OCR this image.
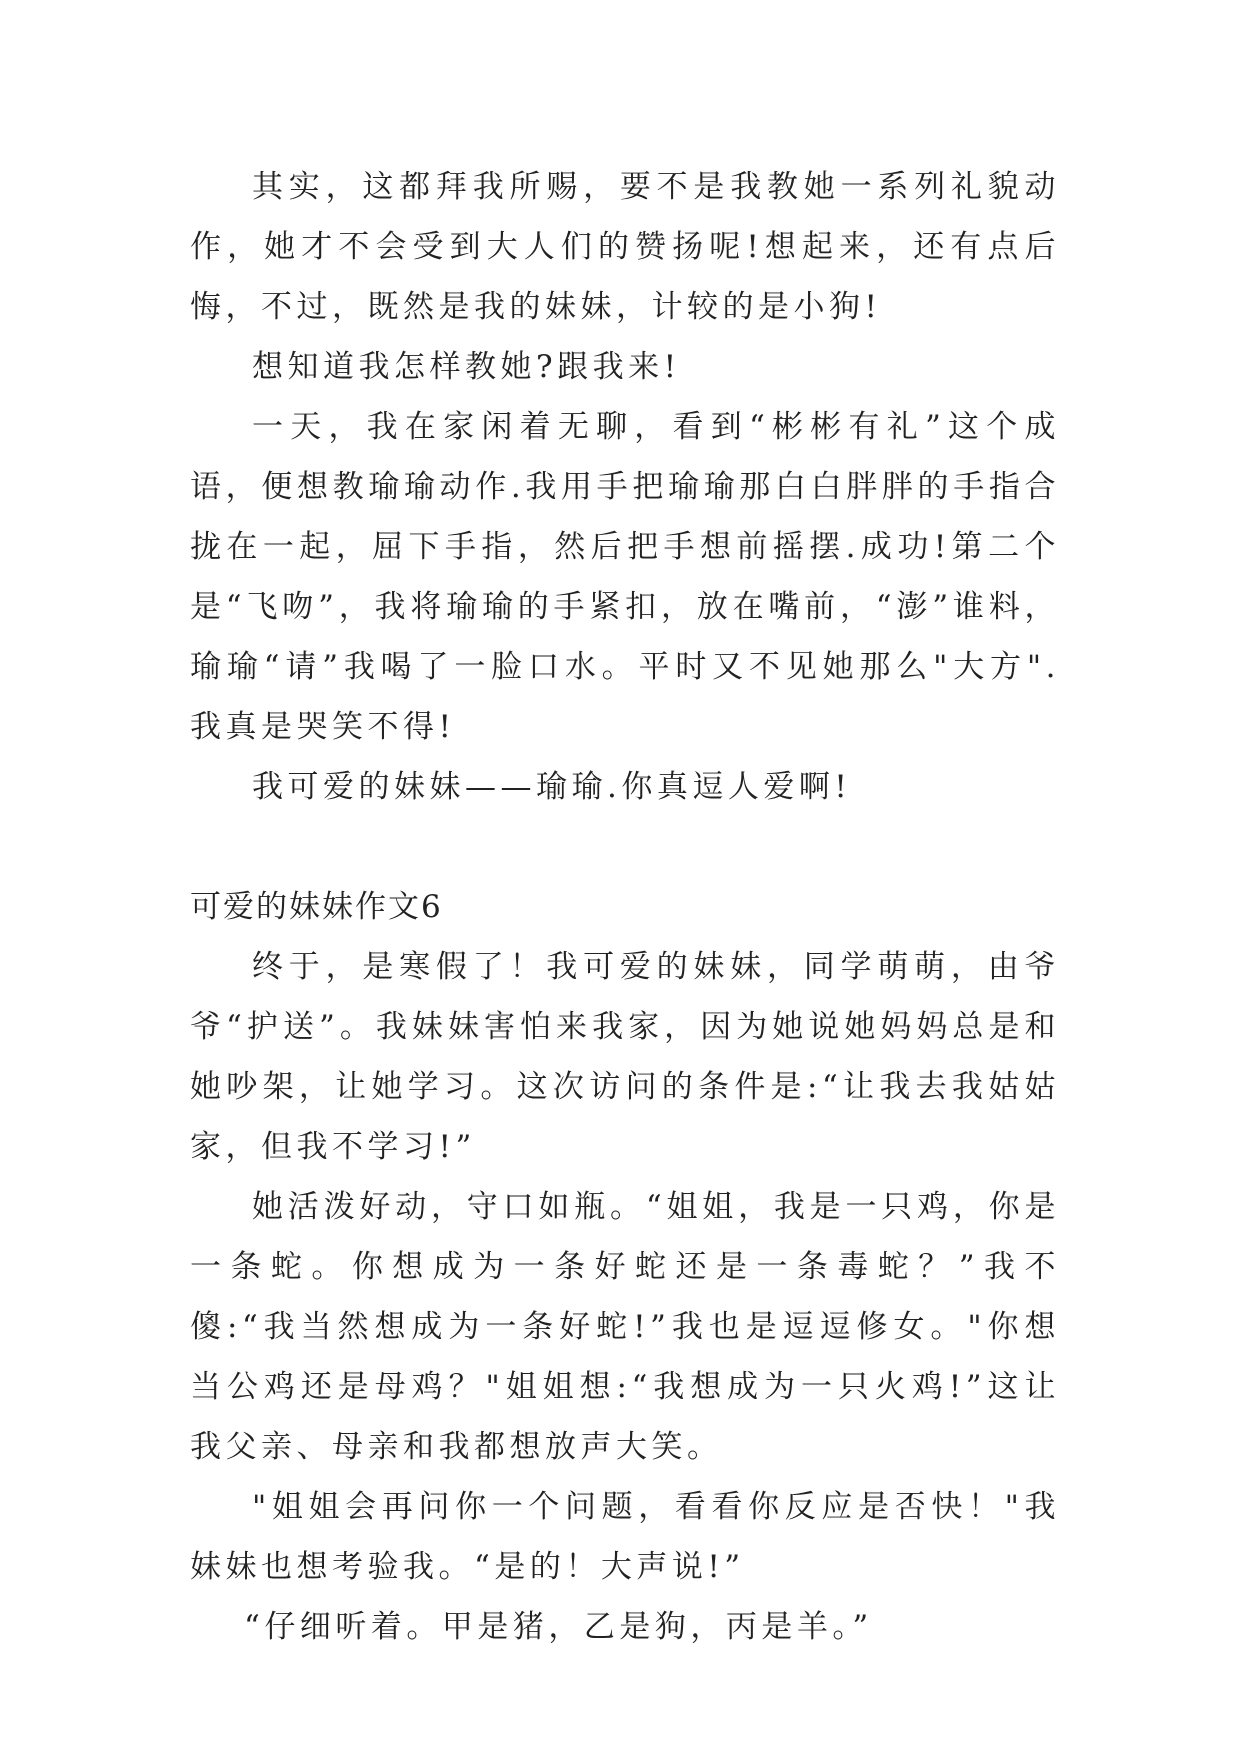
其实，这都拜我所赐，要不是我教她一系列礼貌动作，她才不会受到大人们的赞扬呢!想起来，还有点后悔，不过，既然是我的妹妹，计较的是小狗!

想知道我怎样教她?跟我来!

一天，我在家闲着无聊，看到“彬彬有礼”这个成语，便想教瑜瑜动作.我用手把瑜瑜那白白胖胖的手指合拢在一起，屈下手指，然后把手想前摇摆.成功!第二个是“飞吻”，我将瑜瑜的手紧扣，放在嘴前，“澎”谁料，瑜瑜“请”我喝了一脸口水。平时又不见她那么"大方".我真是哭笑不得!

我可爱的妹妹——瑜瑜.你真逗人爱啊!

可爱的妹妹作文6

终于，是寒假了！我可爱的妹妹，同学萌萌，由爷爷“护送”。我妹妹害怕来我家，因为她说她妈妈总是和她吵架，让她学习。这次访问的条件是:“让我去我姑姑家，但我不学习!”

她活泼好动，守口如瓶。“姐姐，我是一只鸡，你是一条蛇。你想成为一条好蛇还是一条毒蛇？”我不傻:“我当然想成为一条好蛇!”我也是逗逗修女。"你想当公鸡还是母鸡？"姐姐想:“我想成为一只火鸡!”这让我父亲、母亲和我都想放声大笑。

"姐姐会再问你一个问题，看看你反应是否快！"我妹妹也想考验我。“是的！大声说!”

“仔细听着。甲是猪，乙是狗，丙是羊。”
